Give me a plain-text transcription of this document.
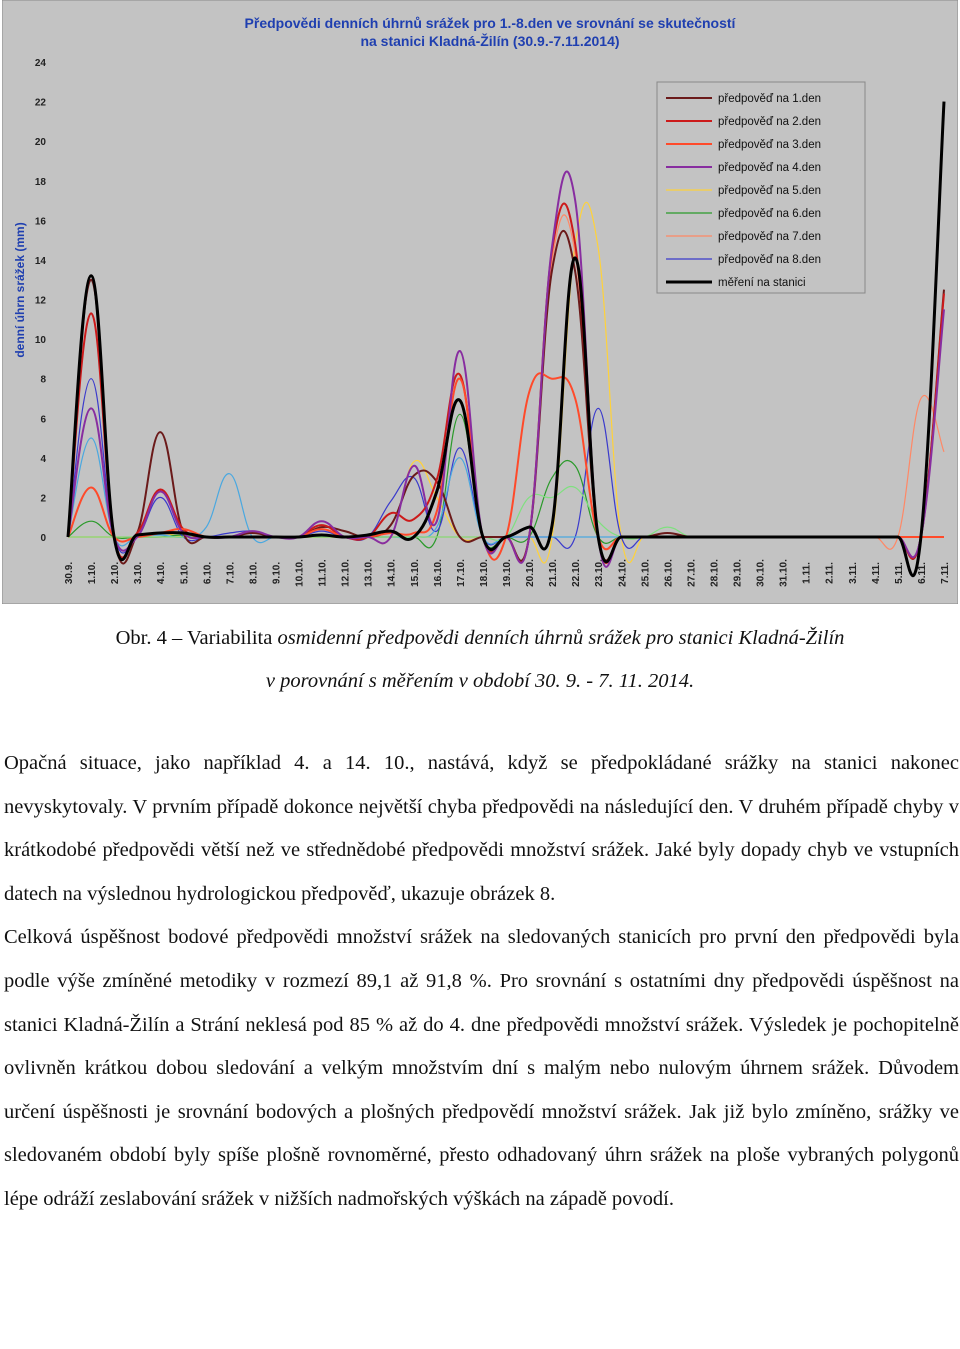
Předpovědi denních úhrnů srážek pro 1.-8.den ve srovnání se skutečností
na stanici Kladná-Žilín (30.9.-7.11.2014)
denní úhrn srážek (mm)
0
2
4
6
8
10
12
14
16
18
20
22
24
30.9. 1.10. 2.10. 3.10. 4.10. 5.10. 6.10. 7.10. 8.10. 9.10. 10.10. 11.10. 12.10. 13.10. 14.10. 15.10. 16.10. 17.10. 18.10. 19.10. 20.10. 21.10. 22.10. 23.10. 24.10. 25.10. 26.10. 27.10. 28.10. 29.10. 30.10. 31.10. 1.11. 2.11. 3.11. 4.11. 5.11. 6.11. 7.11.
předpověď na 1.den
předpověď na 2.den
předpověď na 3.den
předpověď na 4.den
předpověď na 5.den
předpověď na 6.den
předpověď na 7.den
předpověď na 8.den
měření na stanici
Obr. 4 – Variabilita osmidenní předpovědi denních úhrnů srážek pro stanici Kladná-Žilín
v porovnání s měřením v období 30. 9. - 7. 11. 2014.

Opačná situace, jako například 4. a 14. 10., nastává, když se předpokládané srážky na stanici nakonec nevyskytovaly. V prvním případě dokonce největší chyba předpovědi na následující den. V druhém případě chyby v krátkodobé předpovědi větší než ve střednědobé předpovědi množství srážek. Jaké byly dopady chyb ve vstupních datech na výslednou hydrologickou předpověď, ukazuje obrázek 8.

Celková úspěšnost bodové předpovědi množství srážek na sledovaných stanicích pro první den předpovědi byla podle výše zmíněné metodiky v rozmezí 89,1 až 91,8 %. Pro srovnání s ostatními dny předpovědi úspěšnost na stanici Kladná-Žilín a Strání neklesá pod 85 % až do 4. dne předpovědi množství srážek. Výsledek je pochopitelně ovlivněn krátkou dobou sledování a velkým množstvím dní s malým nebo nulovým úhrnem srážek. Důvodem určení úspěšnosti je srovnání bodových a plošných předpovědí množství srážek. Jak již bylo zmíněno, srážky ve sledovaném období byly spíše plošně rovnoměrné, přesto odhadovaný úhrn srážek na ploše vybraných polygonů lépe odráží zeslabování srážek v nižších nadmořských výškách na západě povodí.
